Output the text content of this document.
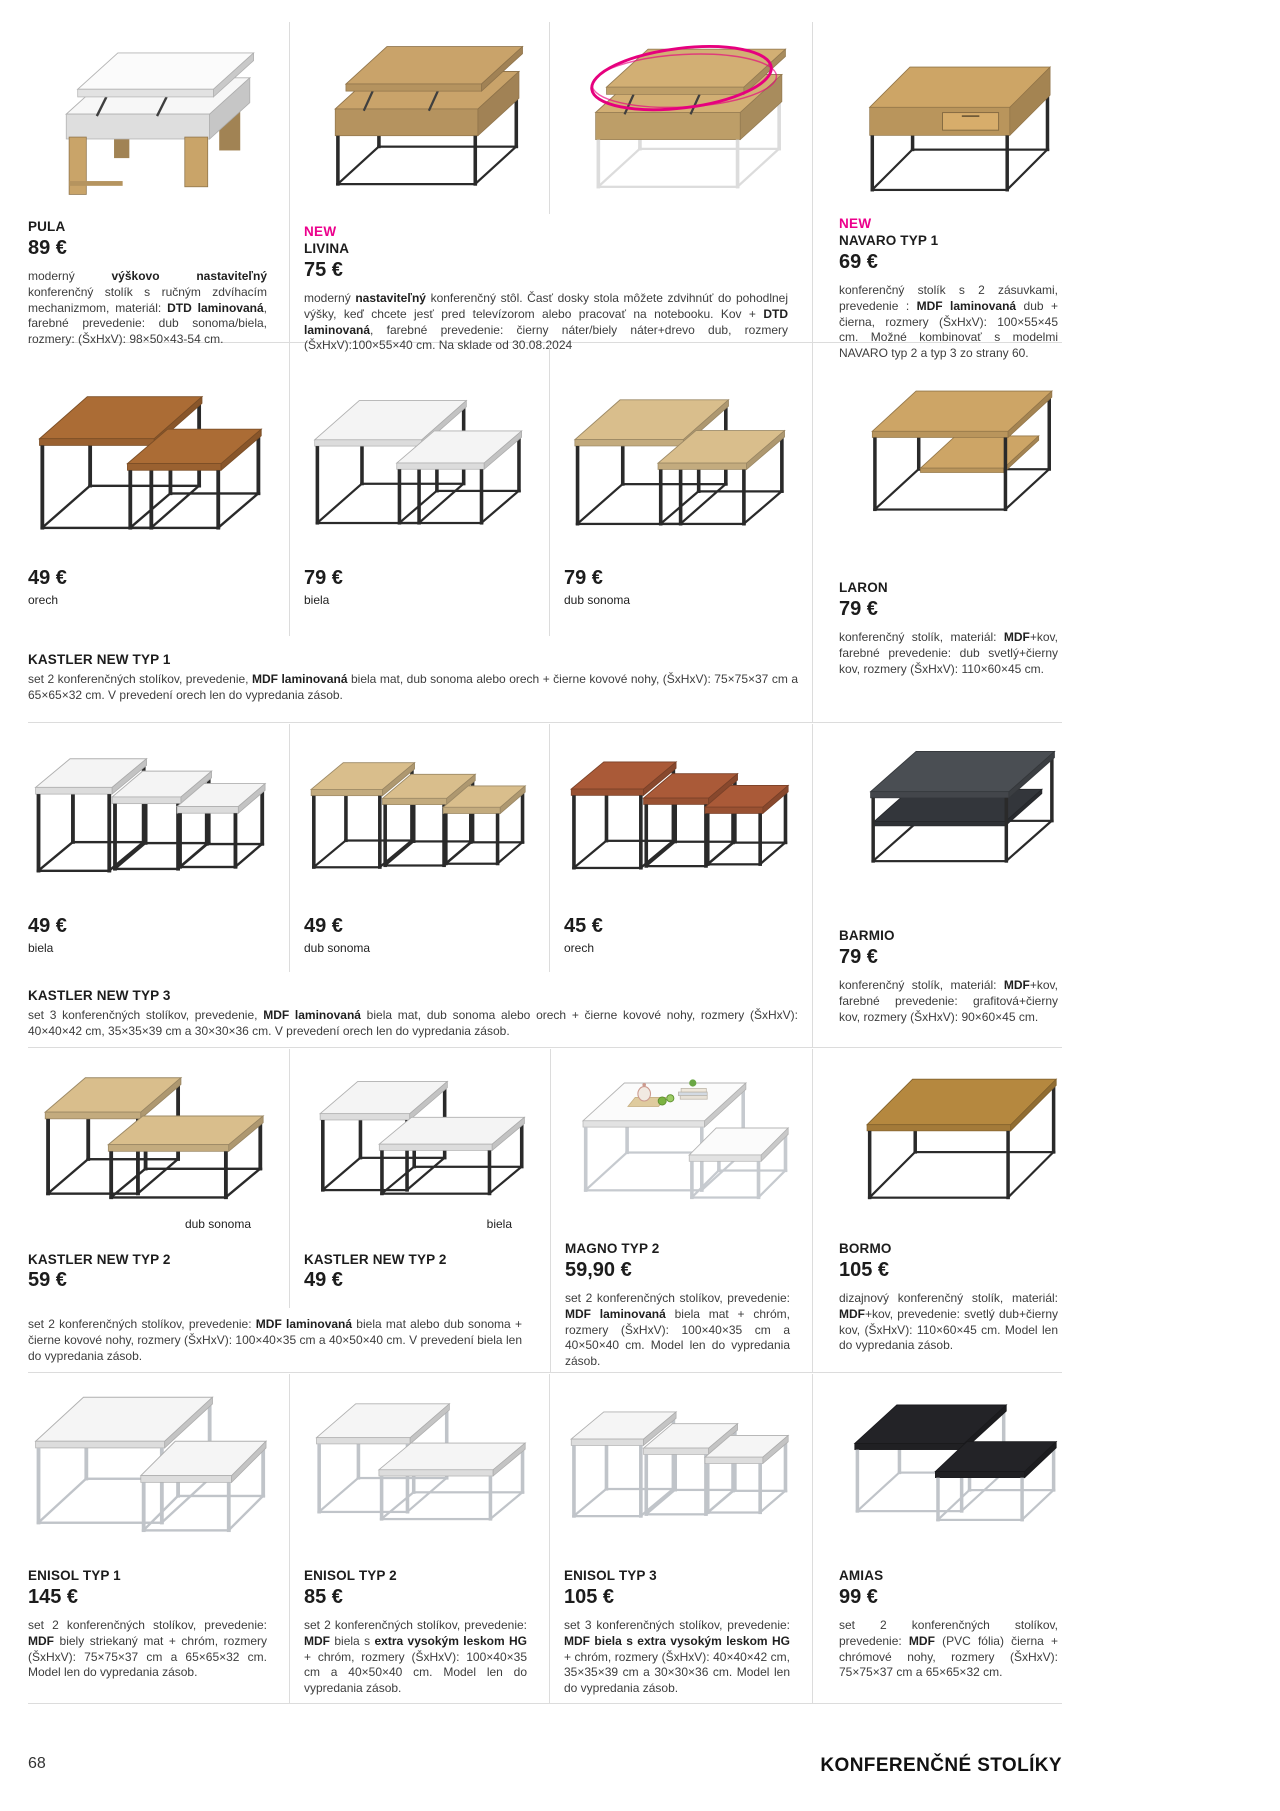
PULA
89 €
moderný výškovo nastaviteľný konferenčný stolík s ručným zdvíhacím mechanizmom, materiál: DTD laminovaná, farebné prevedenie: dub sonoma/biela, rozmery: (ŠxHxV): 98×50×43-54 cm.
NEW
LIVINA
75 €
moderný nastaviteľný konferenčný stôl. Časť dosky stola môžete zdvihnúť do pohodlnej výšky, keď chcete jesť pred televízorom alebo pracovať na notebooku. Kov + DTD laminovaná, farebné prevedenie: čierny náter/biely náter+drevo dub, rozmery (ŠxHxV):100×55×40 cm. Na sklade od 30.08.2024
NEW
NAVARO TYP 1
69 €
konferenčný stolík s 2 zásuvkami, prevedenie : MDF laminovaná dub + čierna, rozmery (ŠxHxV): 100×55×45 cm. Možné kombinovať s modelmi NAVARO typ 2 a typ 3 zo strany 60.
49 €
orech
79 €
biela
79 €
dub sonoma
LARON
79 €
konferenčný stolík, materiál: MDF+kov, farebné prevedenie: dub svetlý+čierny kov, rozmery (ŠxHxV): 110×60×45 cm.
KASTLER NEW TYP 1
set 2 konferenčných stolíkov, prevedenie, MDF laminovaná biela mat, dub sonoma alebo orech + čierne kovové nohy, (ŠxHxV): 75×75×37 cm a 65×65×32 cm. V prevedení orech len do vypredania zásob.
49 €
biela
49 €
dub sonoma
45 €
orech
BARMIO
79 €
konferenčný stolík, materiál: MDF+kov, farebné prevedenie: grafitová+čierny kov, rozmery (ŠxHxV): 90×60×45 cm.
KASTLER NEW TYP 3
set 3 konferenčných stolíkov, prevedenie, MDF laminovaná biela mat, dub sonoma alebo orech + čierne kovové nohy, rozmery (ŠxHxV): 40×40×42 cm, 35×35×39 cm a 30×30×36 cm. V prevedení orech len do vypredania zásob.
dub sonoma	biela
KASTLER NEW TYP 2
59 €
KASTLER NEW TYP 2
49 €
set 2 konferenčných stolíkov, prevedenie: MDF laminovaná biela mat alebo dub sonoma + čierne kovové nohy, rozmery (ŠxHxV): 100×40×35 cm a 40×50×40 cm. V prevedení biela len do vypredania zásob.
MAGNO TYP 2
59,90 €
set 2 konferenčných stolíkov, prevedenie: MDF laminovaná biela mat + chróm, rozmery (ŠxHxV): 100×40×35 cm a 40×50×40 cm. Model len do vypredania zásob.
BORMO
105 €
dizajnový konferenčný stolík, materiál: MDF+kov, prevedenie: svetlý dub+čierny kov, (ŠxHxV): 110×60×45 cm. Model len do vypredania zásob.
ENISOL TYP 1
145 €
set 2 konferenčných stolíkov, prevedenie: MDF biely striekaný mat + chróm, rozmery (ŠxHxV): 75×75×37 cm a 65×65×32 cm. Model len do vypredania zásob.
ENISOL TYP 2
85 €
set 2 konferenčných stolíkov, prevedenie: MDF biela s extra vysokým leskom HG + chróm, rozmery (ŠxHxV): 100×40×35 cm a 40×50×40 cm. Model len do vypredania zásob.
ENISOL TYP 3
105 €
set 3 konferenčných stolíkov, prevedenie: MDF biela s extra vysokým leskom HG + chróm, rozmery (ŠxHxV): 40×40×42 cm, 35×35×39 cm a 30×30×36 cm. Model len do vypredania zásob.
AMIAS
99 €
set 2 konferenčných stolíkov, prevedenie: MDF (PVC fólia) čierna + chrómové nohy, rozmery (ŠxHxV): 75×75×37 cm a 65×65×32 cm.
68	KONFERENČNÉ STOLÍKY
